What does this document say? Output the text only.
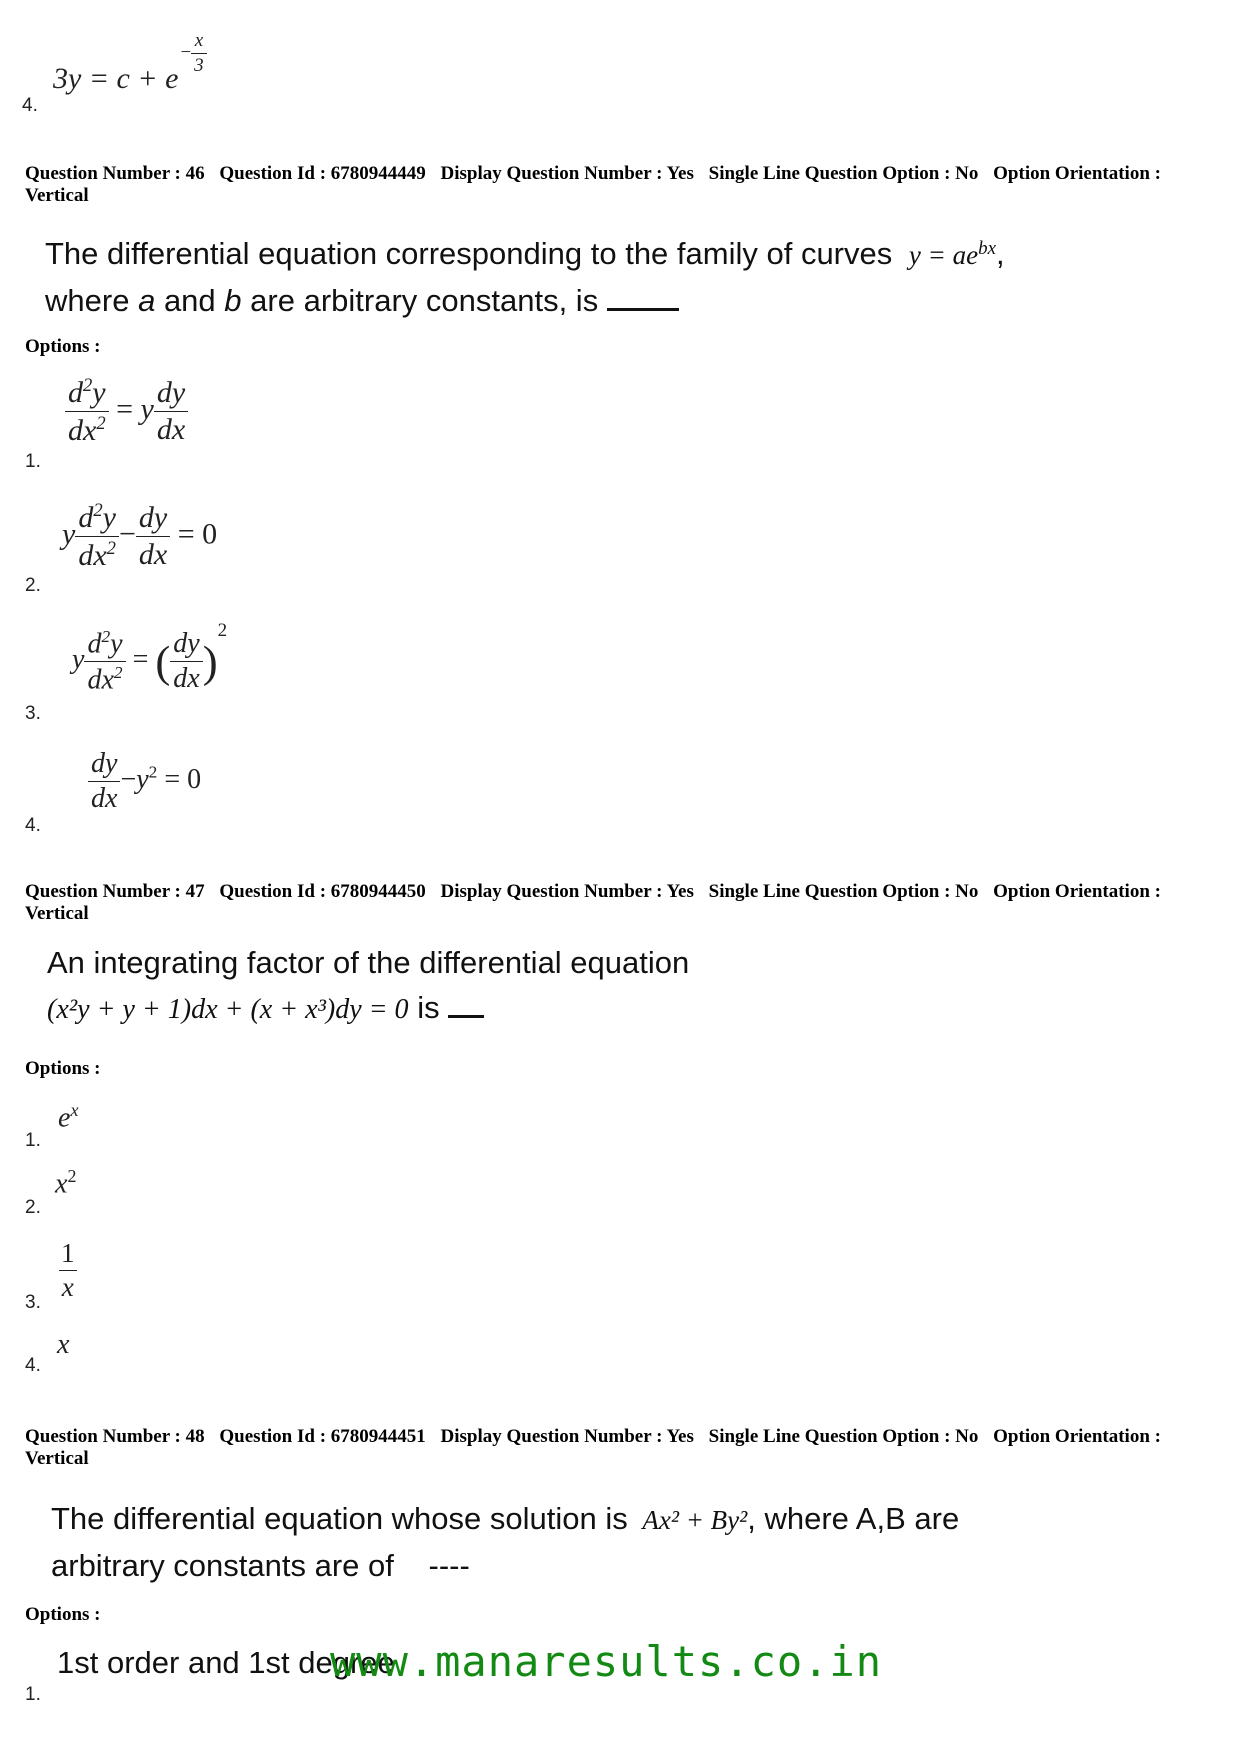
4.
$3y = c + e- \frac{x}{3}$
Question Number : 46 Question Id : 6780944449 Display Question Number : Yes Single Line Question Option : No Option Orientation : Vertical
The differential equation corresponding to the family of curves $y = ae^{bx}$,
where a and b are arbitrary constants, is
Options :
1.
$\frac{d^2y}{dx^2} = y \frac{dy}{dx}$
2.
y $\frac{d^2y}{dx^2} - \frac{dy}{dx} = 0$
3.
y $\frac{d^2y}{dx^2}$ = ( $\frac{dy}{dx} )^2$
4.
$\frac{dy}{dx} -y^2 = 0$
Question Number : 47 Question Id : 6780944450 Display Question Number : Yes Single Line Question Option : No Option Orientation : Vertical
An integrating factor of the differential equation
(x²y + y + 1)dx + (x + x³)dy = 0 is
Options :
1.
$e^x$
2.
$x^2$
3. $\frac{1}{x}$
4.
x
Question Number : 48 Question Id : 6780944451 Display Question Number : Yes Single Line Question Option : No Option Orientation : Vertical
The differential equation whose solution is Ax² + By², where A,B are
arbitrary constants are of ----
Options :
1.
1st order and 1st degree
www.manaresults.co.in
